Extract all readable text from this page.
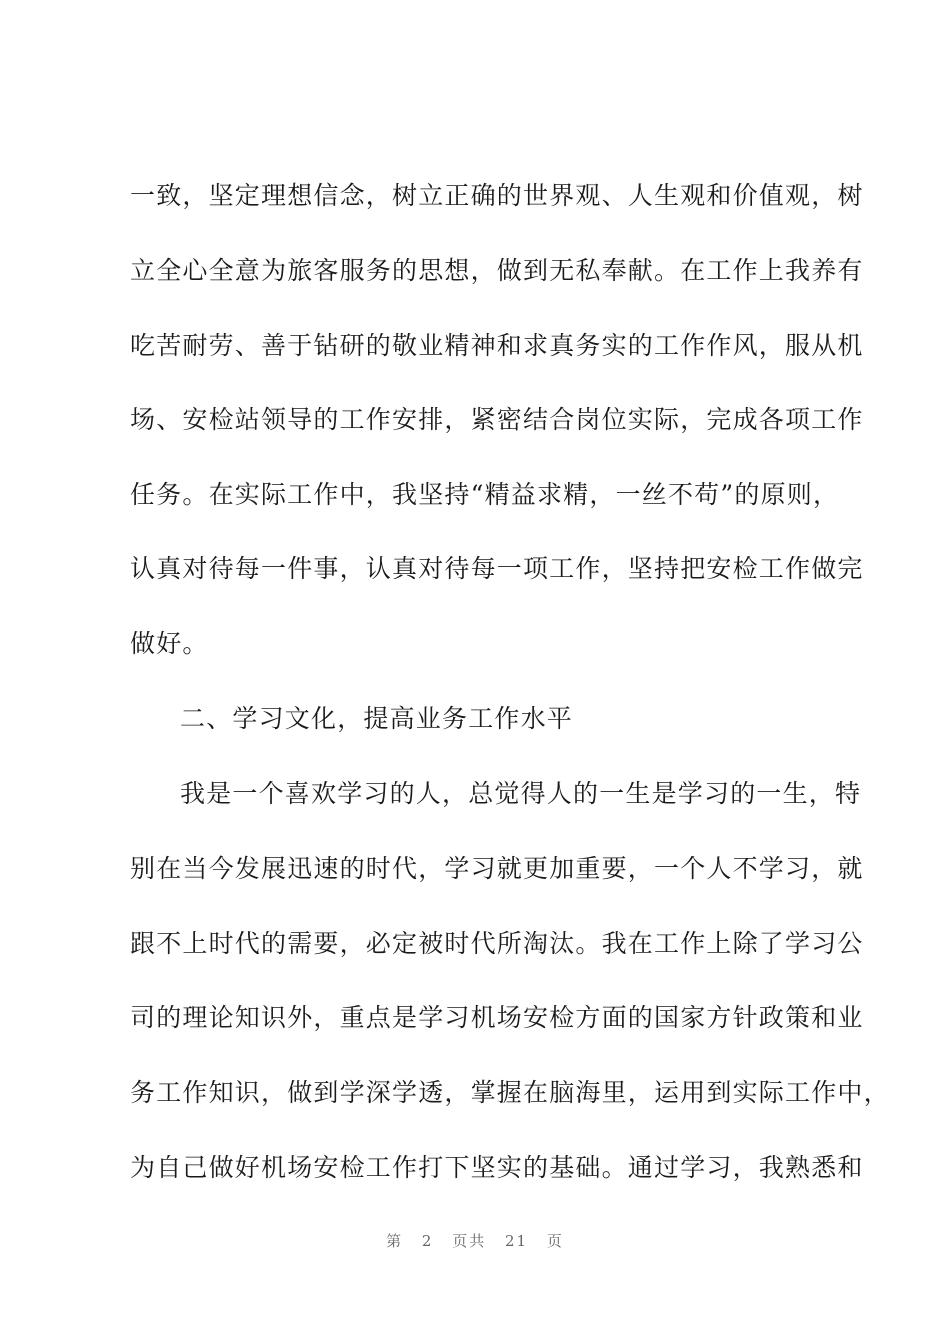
一致，坚定理想信念，树立正确的世界观、人生观和价值观，树
立全心全意为旅客服务的思想，做到无私奉献。在工作上我养有
吃苦耐劳、善于钻研的敬业精神和求真务实的工作作风，服从机
场、安检站领导的工作安排，紧密结合岗位实际，完成各项工作
任务。在实际工作中，我坚持“精益求精，一丝不苟”的原则，
认真对待每一件事，认真对待每一项工作，坚持把安检工作做完
做好。
二、学习文化，提高业务工作水平
我是一个喜欢学习的人，总觉得人的一生是学习的一生，特
别在当今发展迅速的时代，学习就更加重要，一个人不学习，就
跟不上时代的需要，必定被时代所淘汰。我在工作上除了学习公
司的理论知识外，重点是学习机场安检方面的国家方针政策和业
务工作知识，做到学深学透，掌握在脑海里，运用到实际工作中，
为自己做好机场安检工作打下坚实的基础。通过学习，我熟悉和
第 2 页共 21 页
